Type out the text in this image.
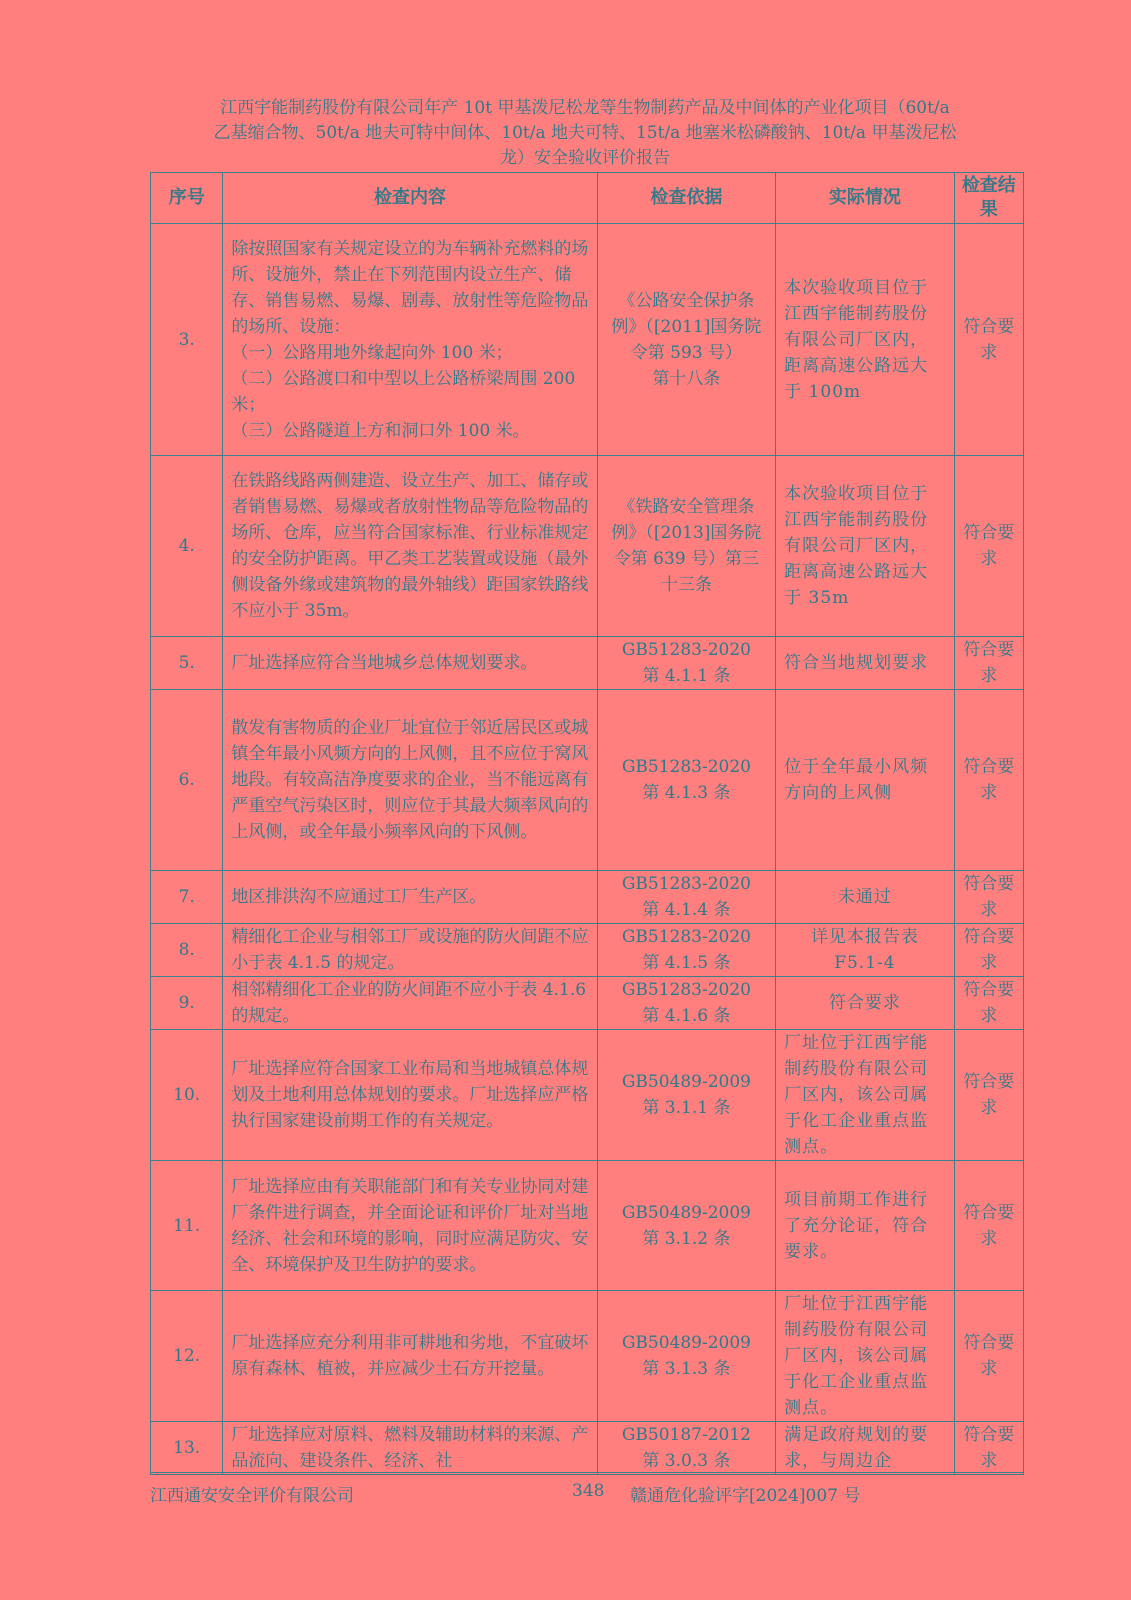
江西宇能制药股份有限公司年产 10t 甲基泼尼松龙等生物制药产品及中间体的产业化项目（60t/a
乙基缩合物、50t/a 地夫可特中间体、10t/a 地夫可特、15t/a 地塞米松磷酸钠、10t/a 甲基泼尼松
龙）安全验收评价报告
序号	检查内容	检查依据	实际情况	检查结果
3.	除按照国家有关规定设立的为车辆补充燃料的场所、设施外，禁止在下列范围内设立生产、储存、销售易燃、易爆、剧毒、放射性等危险物品的场所、设施：
（一）公路用地外缘起向外 100 米；
（二）公路渡口和中型以上公路桥梁周围 200 米；
（三）公路隧道上方和洞口外 100 米。	《公路安全保护条例》（[2011]国务院令第 593 号）
第十八条	本次验收项目位于江西宇能制药股份有限公司厂区内，距离高速公路远大于 100m	符合要求
4.	在铁路线路两侧建造、设立生产、加工、储存或者销售易燃、易爆或者放射性物品等危险物品的场所、仓库，应当符合国家标准、行业标准规定的安全防护距离。甲乙类工艺装置或设施（最外侧设备外缘或建筑物的最外轴线）距国家铁路线不应小于 35m。	《铁路安全管理条例》（[2013]国务院令第 639 号）第三十三条	本次验收项目位于江西宇能制药股份有限公司厂区内，距离高速公路远大于 35m	符合要求
5.	厂址选择应符合当地城乡总体规划要求。	GB51283-2020
第 4.1.1 条	符合当地规划要求	符合要求
6.	散发有害物质的企业厂址宜位于邻近居民区或城镇全年最小风频方向的上风侧，且不应位于窝风地段。有较高洁净度要求的企业，当不能远离有严重空气污染区时，则应位于其最大频率风向的上风侧，或全年最小频率风向的下风侧。	GB51283-2020
第 4.1.3 条	位于全年最小风频方向的上风侧	符合要求
7.	地区排洪沟不应通过工厂生产区。	GB51283-2020
第 4.1.4 条	未通过	符合要求
8.	精细化工企业与相邻工厂或设施的防火间距不应小于表 4.1.5 的规定。	GB51283-2020
第 4.1.5 条	详见本报告表
F5.1-4	符合要求
9.	相邻精细化工企业的防火间距不应小于表 4.1.6 的规定。	GB51283-2020
第 4.1.6 条	符合要求	符合要求
10.	厂址选择应符合国家工业布局和当地城镇总体规划及土地利用总体规划的要求。厂址选择应严格执行国家建设前期工作的有关规定。	GB50489-2009
第 3.1.1 条	厂址位于江西宇能制药股份有限公司厂区内，该公司属于化工企业重点监测点。	符合要求
11.	厂址选择应由有关职能部门和有关专业协同对建厂条件进行调查，并全面论证和评价厂址对当地经济、社会和环境的影响，同时应满足防灾、安全、环境保护及卫生防护的要求。	GB50489-2009
第 3.1.2 条	项目前期工作进行了充分论证，符合要求。	符合要求
12.	厂址选择应充分利用非可耕地和劣地，不宜破坏原有森林、植被，并应减少土石方开挖量。	GB50489-2009
第 3.1.3 条	厂址位于江西宇能制药股份有限公司厂区内，该公司属于化工企业重点监测点。	符合要求
13.	厂址选择应对原料、燃料及辅助材料的来源、产品流向、建设条件、经济、社	GB50187-2012
第 3.0.3 条	满足政府规划的要求，与周边企	符合要求
江西通安安全评价有限公司	348 赣通危化验评字[2024]007 号
